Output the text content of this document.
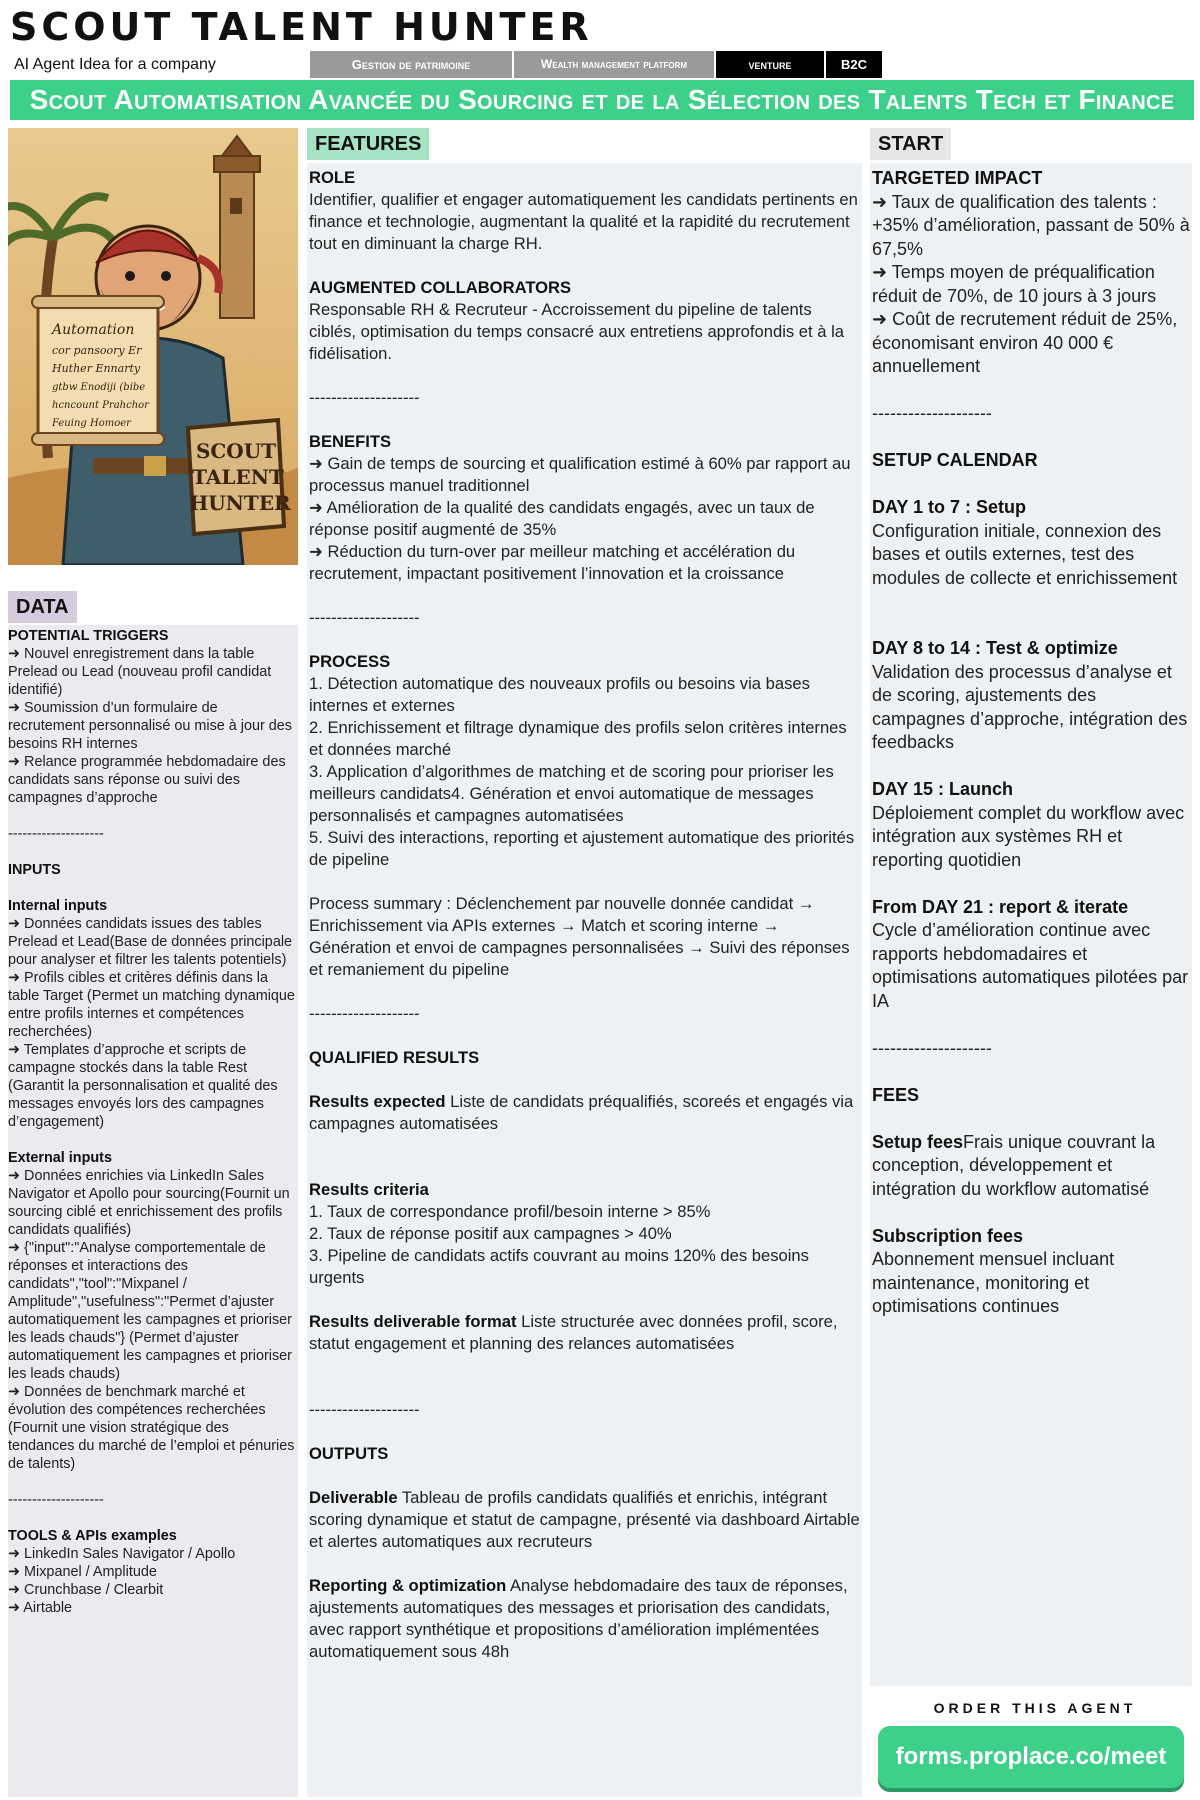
SCOUT TALENT HUNTER
AI Agent Idea for a company	Gestion de patrimoine	Wealth management platform	venture	B2C
Scout Automatisation Avancée du Sourcing et de la Sélection des Talents Tech et Finance
Automation
cor pansoory Er
Huther Ennarty
gtbw Enodiji (bibe
hcncount Prahchor
Feuing Homoer
SCOUT
TALENT
HUNTER
FEATURES
DATA
START

POTENTIAL TRIGGERS

➜ Nouvel enregistrement dans la table Prelead ou Lead (nouveau profil candidat identifié)

➜ Soumission d’un formulaire de recrutement personnalisé ou mise à jour des besoins RH internes

➜ Relance programmée hebdomadaire des candidats sans réponse ou suivi des campagnes d’approche

--------------------

INPUTS

Internal inputs

➜ Données candidats issues des tables Prelead et Lead(Base de données principale pour analyser et filtrer les talents potentiels)

➜ Profils cibles et critères définis dans la table Target (Permet un matching dynamique entre profils internes et compétences recherchées)

➜ Templates d’approche et scripts de campagne stockés dans la table Rest (Garantit la personnalisation et qualité des messages envoyés lors des campagnes d’engagement)

External inputs

➜ Données enrichies via LinkedIn Sales Navigator et Apollo pour sourcing(Fournit un sourcing ciblé et enrichissement des profils candidats qualifiés)

➜ {"input":"Analyse comportementale de réponses et interactions des candidats","tool":"Mixpanel / Amplitude","usefulness":"Permet d’ajuster automatiquement les campagnes et prioriser les leads chauds"} (Permet d’ajuster automatiquement les campagnes et prioriser les leads chauds)

➜ Données de benchmark marché et évolution des compétences recherchées (Fournit une vision stratégique des tendances du marché de l’emploi et pénuries de talents)

--------------------

TOOLS & APIs examples

➜ LinkedIn Sales Navigator / Apollo

➜ Mixpanel / Amplitude

➜ Crunchbase / Clearbit

➜ Airtable

ROLE

Identifier, qualifier et engager automatiquement les candidats pertinents en finance et technologie, augmentant la qualité et la rapidité du recrutement tout en diminuant la charge RH.

AUGMENTED COLLABORATORS

Responsable RH & Recruteur - Accroissement du pipeline de talents ciblés, optimisation du temps consacré aux entretiens approfondis et à la fidélisation.

--------------------

BENEFITS

➜ Gain de temps de sourcing et qualification estimé à 60% par rapport au processus manuel traditionnel

➜ Amélioration de la qualité des candidats engagés, avec un taux de réponse positif augmenté de 35%

➜ Réduction du turn-over par meilleur matching et accélération du recrutement, impactant positivement l’innovation et la croissance

--------------------

PROCESS

1. Détection automatique des nouveaux profils ou besoins via bases internes et externes

2. Enrichissement et filtrage dynamique des profils selon critères internes et données marché

3. Application d’algorithmes de matching et de scoring pour prioriser les meilleurs candidats4. Génération et envoi automatique de messages personnalisés et campagnes automatisées

5. Suivi des interactions, reporting et ajustement automatique des priorités de pipeline

Process summary : Déclenchement par nouvelle donnée candidat → Enrichissement via APIs externes → Match et scoring interne → Génération et envoi de campagnes personnalisées → Suivi des réponses et remaniement du pipeline

--------------------

QUALIFIED RESULTS

Results expected Liste de candidats préqualifiés, scoreés et engagés via campagnes automatisées

Results criteria

1. Taux de correspondance profil/besoin interne > 85%

2. Taux de réponse positif aux campagnes > 40%

3. Pipeline de candidats actifs couvrant au moins 120% des besoins urgents

Results deliverable format Liste structurée avec données profil, score, statut engagement et planning des relances automatisées

--------------------

OUTPUTS

Deliverable Tableau de profils candidats qualifiés et enrichis, intégrant scoring dynamique et statut de campagne, présenté via dashboard Airtable et alertes automatiques aux recruteurs

Reporting & optimization Analyse hebdomadaire des taux de réponses, ajustements automatiques des messages et priorisation des candidats, avec rapport synthétique et propositions d’amélioration implémentées automatiquement sous 48h

TARGETED IMPACT

➜ Taux de qualification des talents : +35% d’amélioration, passant de 50% à 67,5%

➜ Temps moyen de préqualification réduit de 70%, de 10 jours à 3 jours

➜ Coût de recrutement réduit de 25%, économisant environ 40 000 € annuellement

--------------------

SETUP CALENDAR

DAY 1 to 7 : Setup

Configuration initiale, connexion des bases et outils externes, test des modules de collecte et enrichissement

DAY 8 to 14 : Test & optimize

Validation des processus d’analyse et de scoring, ajustements des campagnes d’approche, intégration des feedbacks

DAY 15 : Launch

Déploiement complet du workflow avec intégration aux systèmes RH et reporting quotidien

From DAY 21 : report & iterate

Cycle d’amélioration continue avec rapports hebdomadaires et optimisations automatiques pilotées par IA

--------------------

FEES

Setup feesFrais unique couvrant la conception, développement et intégration du workflow automatisé

Subscription fees

Abonnement mensuel incluant maintenance, monitoring et optimisations continues

ORDER THIS AGENT
forms.proplace.co/meet
